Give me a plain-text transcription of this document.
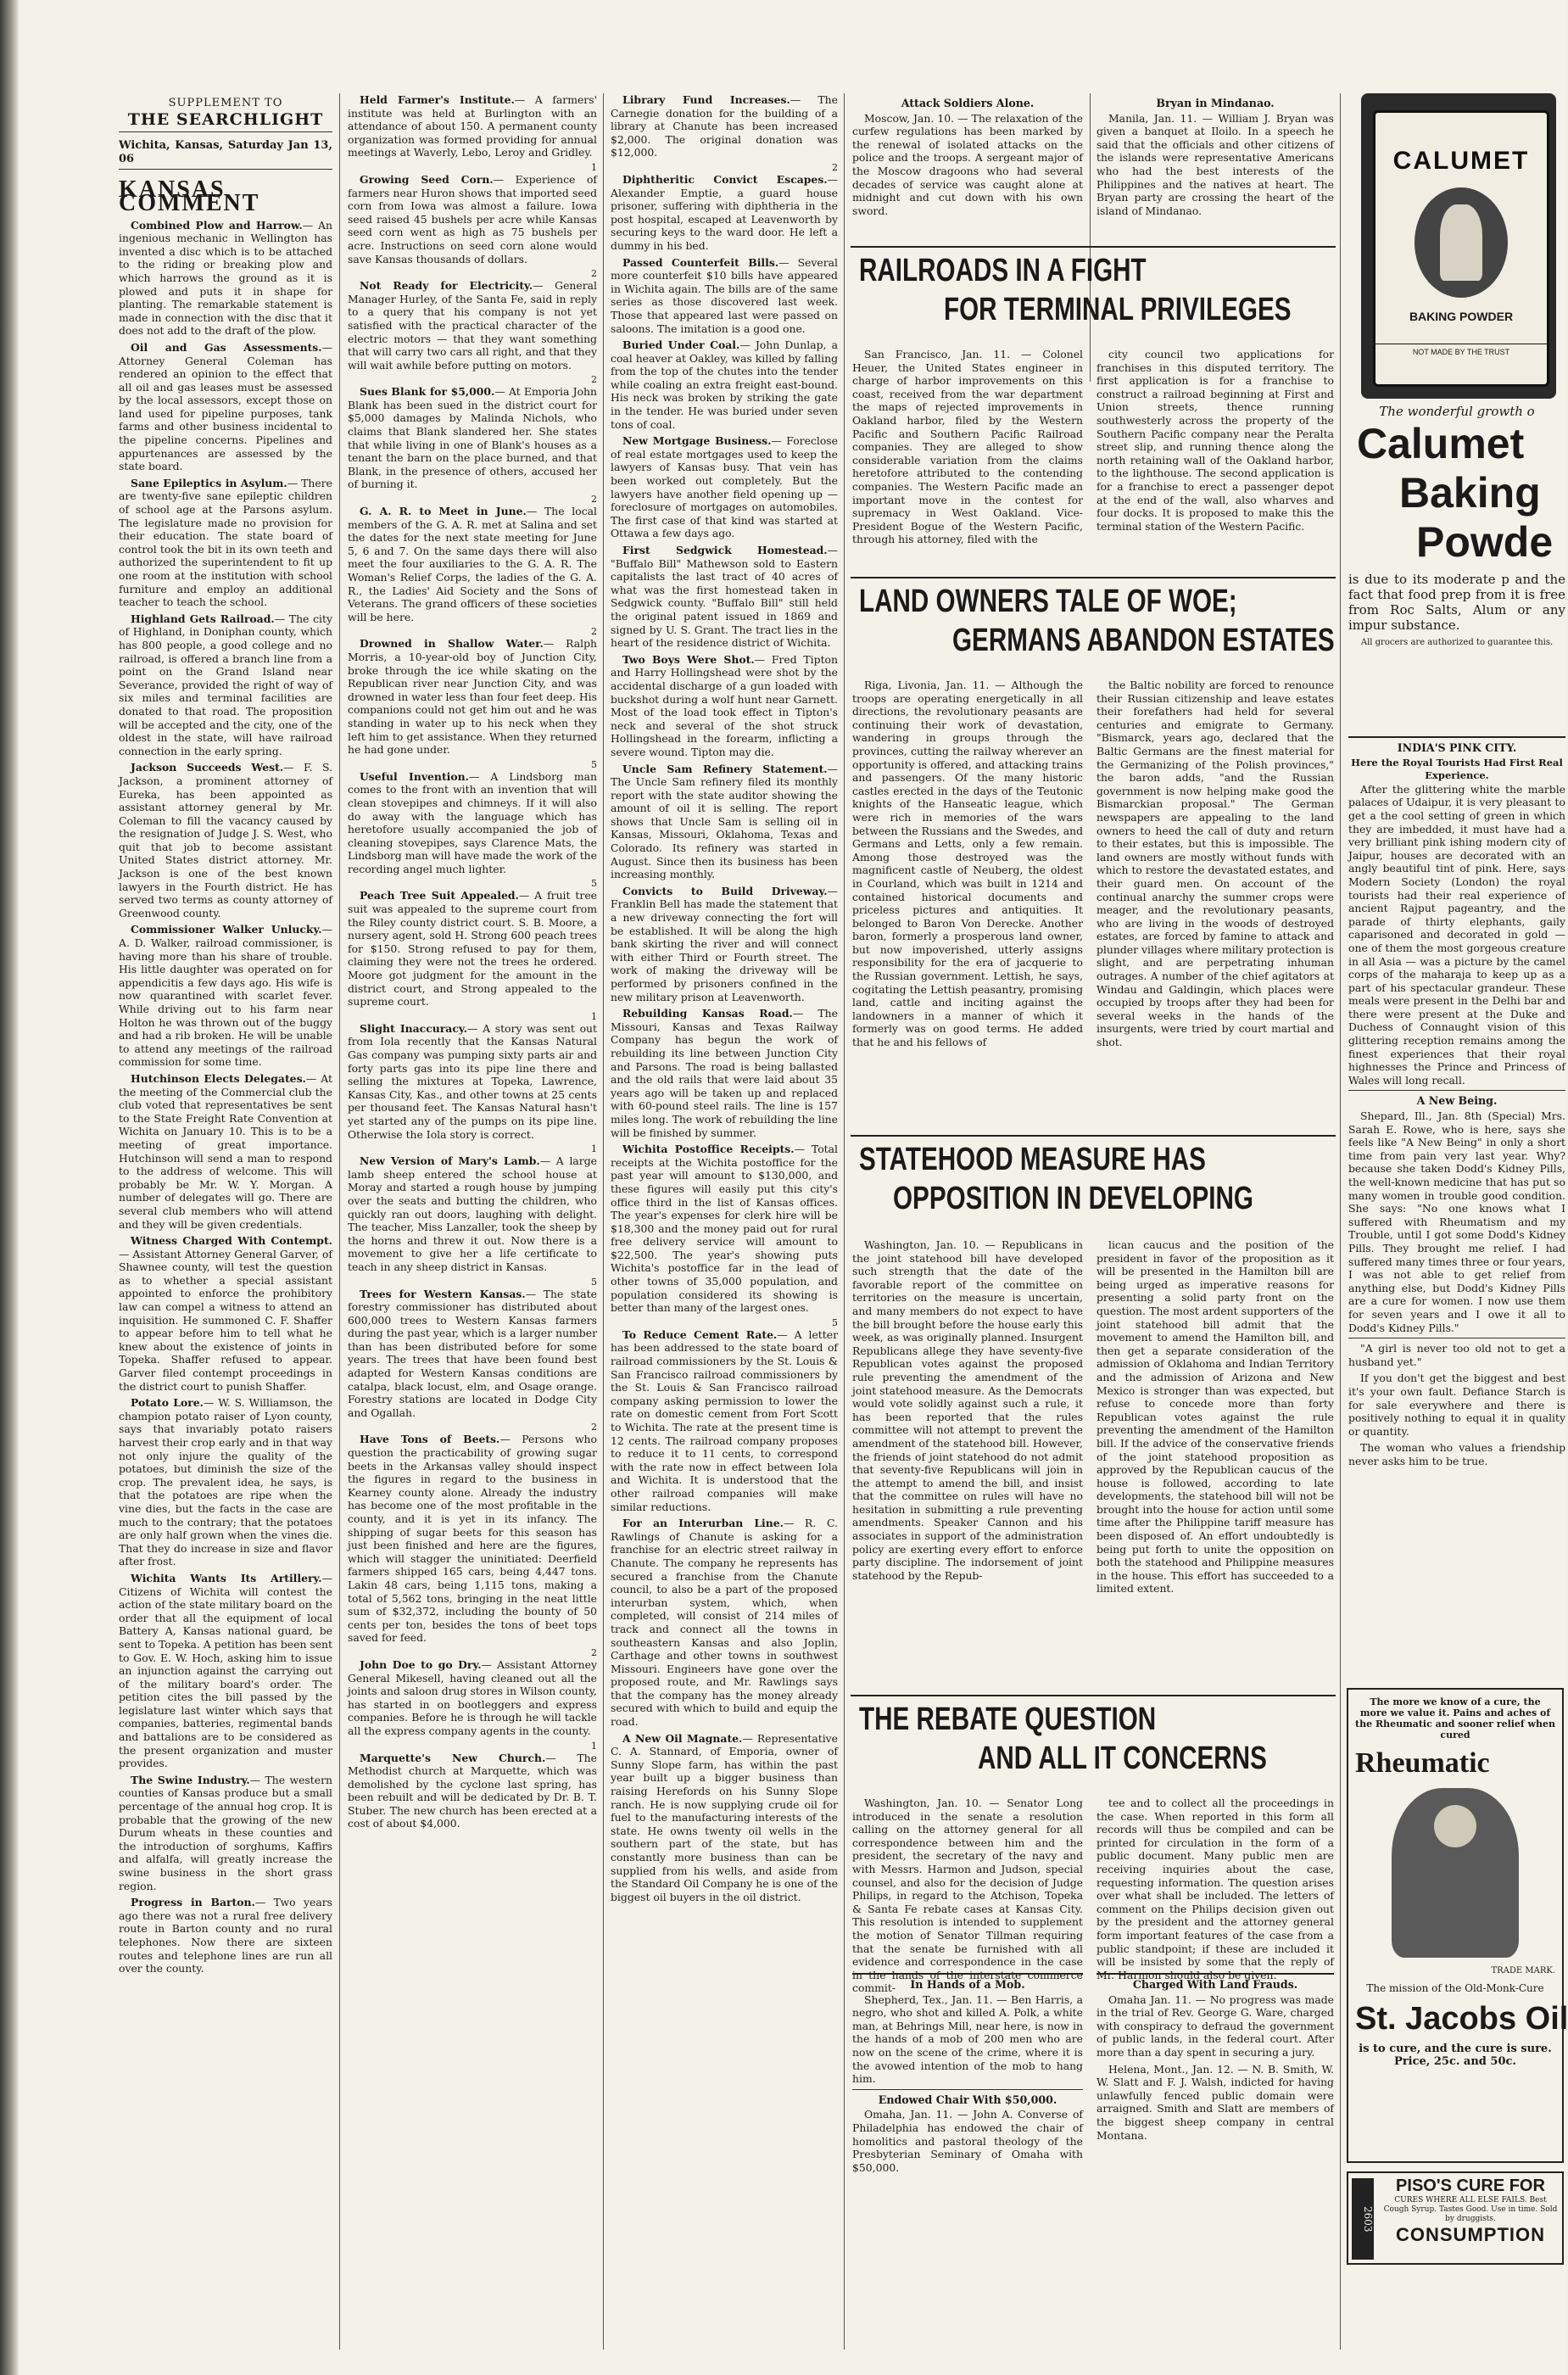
SUPPLEMENT TO
THE SEARCHLIGHT
Wichita, Kansas, Saturday Jan 13, 06
KANSAS COMMENT

Combined Plow and Harrow.— An ingenious mechanic in Wellington has invented a disc which is to be attached to the riding or breaking plow and which harrows the ground as it is plowed and puts it in shape for planting. The remarkable statement is made in connection with the disc that it does not add to the draft of the plow.

Oil and Gas Assessments.— Attorney General Coleman has rendered an opinion to the effect that all oil and gas leases must be assessed by the local assessors, except those on land used for pipeline purposes, tank farms and other business incidental to the pipeline concerns. Pipelines and appurtenances are assessed by the state board.

Sane Epileptics in Asylum.— There are twenty-five sane epileptic children of school age at the Parsons asylum. The legislature made no provision for their education. The state board of control took the bit in its own teeth and authorized the superintendent to fit up one room at the institution with school furniture and employ an additional teacher to teach the school.

Highland Gets Railroad.— The city of Highland, in Doniphan county, which has 800 people, a good college and no railroad, is offered a branch line from a point on the Grand Island near Severance, provided the right of way of six miles and terminal facilities are donated to that road. The proposition will be accepted and the city, one of the oldest in the state, will have railroad connection in the early spring.

Jackson Succeeds West.— F. S. Jackson, a prominent attorney of Eureka, has been appointed as assistant attorney general by Mr. Coleman to fill the vacancy caused by the resignation of Judge J. S. West, who quit that job to become assistant United States district attorney. Mr. Jackson is one of the best known lawyers in the Fourth district. He has served two terms as county attorney of Greenwood county.

Commissioner Walker Unlucky.— A. D. Walker, railroad commissioner, is having more than his share of trouble. His little daughter was operated on for appendicitis a few days ago. His wife is now quarantined with scarlet fever. While driving out to his farm near Holton he was thrown out of the buggy and had a rib broken. He will be unable to attend any meetings of the railroad commission for some time.

Hutchinson Elects Delegates.— At the meeting of the Commercial club the club voted that representatives be sent to the State Freight Rate Convention at Wichita on January 10. This is to be a meeting of great importance. Hutchinson will send a man to respond to the address of welcome. This will probably be Mr. W. Y. Morgan. A number of delegates will go. There are several club members who will attend and they will be given credentials.

Witness Charged With Contempt.— Assistant Attorney General Garver, of Shawnee county, will test the question as to whether a special assistant appointed to enforce the prohibitory law can compel a witness to attend an inquisition. He summoned C. F. Shaffer to appear before him to tell what he knew about the existence of joints in Topeka. Shaffer refused to appear. Garver filed contempt proceedings in the district court to punish Shaffer.

Potato Lore.— W. S. Williamson, the champion potato raiser of Lyon county, says that invariably potato raisers harvest their crop early and in that way not only injure the quality of the potatoes, but diminish the size of the crop. The prevalent idea, he says, is that the potatoes are ripe when the vine dies, but the facts in the case are much to the contrary; that the potatoes are only half grown when the vines die. That they do increase in size and flavor after frost.

Wichita Wants Its Artillery.— Citizens of Wichita will contest the action of the state military board on the order that all the equipment of local Battery A, Kansas national guard, be sent to Topeka. A petition has been sent to Gov. E. W. Hoch, asking him to issue an injunction against the carrying out of the military board's order. The petition cites the bill passed by the legislature last winter which says that companies, batteries, regimental bands and battalions are to be considered as the present organization and muster provides.

The Swine Industry.— The western counties of Kansas produce but a small percentage of the annual hog crop. It is probable that the growing of the new Durum wheats in these counties and the introduction of sorghums, Kaffirs and alfalfa, will greatly increase the swine business in the short grass region.

Progress in Barton.— Two years ago there was not a rural free delivery route in Barton county and no rural telephones. Now there are sixteen routes and telephone lines are run all over the county.

Held Farmer's Institute.— A farmers' institute was held at Burlington with an attendance of about 150. A permanent county organization was formed providing for annual meetings at Waverly, Lebo, Leroy and Gridley.

1

Growing Seed Corn.— Experience of farmers near Huron shows that imported seed corn from Iowa was almost a failure. Iowa seed raised 45 bushels per acre while Kansas seed corn went as high as 75 bushels per acre. Instructions on seed corn alone would save Kansas thousands of dollars.

2

Not Ready for Electricity.— General Manager Hurley, of the Santa Fe, said in reply to a query that his company is not yet satisfied with the practical character of the electric motors — that they want something that will carry two cars all right, and that they will wait awhile before putting on motors.

2

Sues Blank for $5,000.— At Emporia John Blank has been sued in the district court for $5,000 damages by Malinda Nichols, who claims that Blank slandered her. She states that while living in one of Blank's houses as a tenant the barn on the place burned, and that Blank, in the presence of others, accused her of burning it.

2

G. A. R. to Meet in June.— The local members of the G. A. R. met at Salina and set the dates for the next state meeting for June 5, 6 and 7. On the same days there will also meet the four auxiliaries to the G. A. R. The Woman's Relief Corps, the ladies of the G. A. R., the Ladies' Aid Society and the Sons of Veterans. The grand officers of these societies will be here.

2

Drowned in Shallow Water.— Ralph Morris, a 10-year-old boy of Junction City, broke through the ice while skating on the Republican river near Junction City, and was drowned in water less than four feet deep. His companions could not get him out and he was standing in water up to his neck when they left him to get assistance. When they returned he had gone under.

5

Useful Invention.— A Lindsborg man comes to the front with an invention that will clean stovepipes and chimneys. If it will also do away with the language which has heretofore usually accompanied the job of cleaning stovepipes, says Clarence Mats, the Lindsborg man will have made the work of the recording angel much lighter.

5

Peach Tree Suit Appealed.— A fruit tree suit was appealed to the supreme court from the Riley county district court. S. B. Moore, a nursery agent, sold H. Strong 600 peach trees for $150. Strong refused to pay for them, claiming they were not the trees he ordered. Moore got judgment for the amount in the district court, and Strong appealed to the supreme court.

1

Slight Inaccuracy.— A story was sent out from Iola recently that the Kansas Natural Gas company was pumping sixty parts air and forty parts gas into its pipe line there and selling the mixtures at Topeka, Lawrence, Kansas City, Kas., and other towns at 25 cents per thousand feet. The Kansas Natural hasn't yet started any of the pumps on its pipe line. Otherwise the Iola story is correct.

1

New Version of Mary's Lamb.— A large lamb sheep entered the school house at Moray and started a rough house by jumping over the seats and butting the children, who quickly ran out doors, laughing with delight. The teacher, Miss Lanzaller, took the sheep by the horns and threw it out. Now there is a movement to give her a life certificate to teach in any sheep district in Kansas.

5

Trees for Western Kansas.— The state forestry commissioner has distributed about 600,000 trees to Western Kansas farmers during the past year, which is a larger number than has been distributed before for some years. The trees that have been found best adapted for Western Kansas conditions are catalpa, black locust, elm, and Osage orange. Forestry stations are located in Dodge City and Ogallah.

2

Have Tons of Beets.— Persons who question the practicability of growing sugar beets in the Arkansas valley should inspect the figures in regard to the business in Kearney county alone. Already the industry has become one of the most profitable in the county, and it is yet in its infancy. The shipping of sugar beets for this season has just been finished and here are the figures, which will stagger the uninitiated: Deerfield farmers shipped 165 cars, being 4,447 tons. Lakin 48 cars, being 1,115 tons, making a total of 5,562 tons, bringing in the neat little sum of $32,372, including the bounty of 50 cents per ton, besides the tons of beet tops saved for feed.

2

John Doe to go Dry.— Assistant Attorney General Mikesell, having cleaned out all the joints and saloon drug stores in Wilson county, has started in on bootleggers and express companies. Before he is through he will tackle all the express company agents in the county.

1

Marquette's New Church.— The Methodist church at Marquette, which was demolished by the cyclone last spring, has been rebuilt and will be dedicated by Dr. B. T. Stuber. The new church has been erected at a cost of about $4,000.

Library Fund Increases.— The Carnegie donation for the building of a library at Chanute has been increased $2,000. The original donation was $12,000.

2

Diphtheritic Convict Escapes.— Alexander Emptie, a guard house prisoner, suffering with diphtheria in the post hospital, escaped at Leavenworth by securing keys to the ward door. He left a dummy in his bed.

Passed Counterfeit Bills.— Several more counterfeit $10 bills have appeared in Wichita again. The bills are of the same series as those discovered last week. Those that appeared last were passed on saloons. The imitation is a good one.

Buried Under Coal.— John Dunlap, a coal heaver at Oakley, was killed by falling from the top of the chutes into the tender while coaling an extra freight east-bound. His neck was broken by striking the gate in the tender. He was buried under seven tons of coal.

New Mortgage Business.— Foreclose of real estate mortgages used to keep the lawyers of Kansas busy. That vein has been worked out completely. But the lawyers have another field opening up — foreclosure of mortgages on automobiles. The first case of that kind was started at Ottawa a few days ago.

First Sedgwick Homestead.— "Buffalo Bill" Mathewson sold to Eastern capitalists the last tract of 40 acres of what was the first homestead taken in Sedgwick county. "Buffalo Bill" still held the original patent issued in 1869 and signed by U. S. Grant. The tract lies in the heart of the residence district of Wichita.

Two Boys Were Shot.— Fred Tipton and Harry Hollingshead were shot by the accidental discharge of a gun loaded with buckshot during a wolf hunt near Garnett. Most of the load took effect in Tipton's neck and several of the shot struck Hollingshead in the forearm, inflicting a severe wound. Tipton may die.

Uncle Sam Refinery Statement.— The Uncle Sam refinery filed its monthly report with the state auditor showing the amount of oil it is selling. The report shows that Uncle Sam is selling oil in Kansas, Missouri, Oklahoma, Texas and Colorado. Its refinery was started in August. Since then its business has been increasing monthly.

Convicts to Build Driveway.— Franklin Bell has made the statement that a new driveway connecting the fort will be established. It will be along the high bank skirting the river and will connect with either Third or Fourth street. The work of making the driveway will be performed by prisoners confined in the new military prison at Leavenworth.

Rebuilding Kansas Road.— The Missouri, Kansas and Texas Railway Company has begun the work of rebuilding its line between Junction City and Parsons. The road is being ballasted and the old rails that were laid about 35 years ago will be taken up and replaced with 60-pound steel rails. The line is 157 miles long. The work of rebuilding the line will be finished by summer.

Wichita Postoffice Receipts.— Total receipts at the Wichita postoffice for the past year will amount to $130,000, and these figures will easily put this city's office third in the list of Kansas offices. The year's expenses for clerk hire will be $18,300 and the money paid out for rural free delivery service will amount to $22,500. The year's showing puts Wichita's postoffice far in the lead of other towns of 35,000 population, and population considered its showing is better than many of the largest ones.

5

To Reduce Cement Rate.— A letter has been addressed to the state board of railroad commissioners by the St. Louis & San Francisco railroad commissioners by the St. Louis & San Francisco railroad company asking permission to lower the rate on domestic cement from Fort Scott to Wichita. The rate at the present time is 12 cents. The railroad company proposes to reduce it to 11 cents, to correspond with the rate now in effect between Iola and Wichita. It is understood that the other railroad companies will make similar reductions.

For an Interurban Line.— R. C. Rawlings of Chanute is asking for a franchise for an electric street railway in Chanute. The company he represents has secured a franchise from the Chanute council, to also be a part of the proposed interurban system, which, when completed, will consist of 214 miles of track and connect all the towns in southeastern Kansas and also Joplin, Carthage and other towns in southwest Missouri. Engineers have gone over the proposed route, and Mr. Rawlings says that the company has the money already secured with which to build and equip the road.

A New Oil Magnate.— Representative C. A. Stannard, of Emporia, owner of Sunny Slope farm, has within the past year built up a bigger business than raising Herefords on his Sunny Slope ranch. He is now supplying crude oil for fuel to the manufacturing interests of the state. He owns twenty oil wells in the southern part of the state, but has constantly more business than can be supplied from his wells, and aside from the Standard Oil Company he is one of the biggest oil buyers in the oil district.

Attack Soldiers Alone.

Moscow, Jan. 10. — The relaxation of the curfew regulations has been marked by the renewal of isolated attacks on the police and the troops. A sergeant major of the Moscow dragoons who had several decades of service was caught alone at midnight and cut down with his own sword.

Bryan in Mindanao.

Manila, Jan. 11. — William J. Bryan was given a banquet at Iloilo. In a speech he said that the officials and other citizens of the islands were representative Americans who had the best interests of the Philippines and the natives at heart. The Bryan party are crossing the heart of the island of Mindanao.

RAILROADS IN A FIGHT
FOR TERMINAL PRIVILEGES

San Francisco, Jan. 11. — Colonel Heuer, the United States engineer in charge of harbor improvements on this coast, received from the war department the maps of rejected improvements in Oakland harbor, filed by the Western Pacific and Southern Pacific Railroad companies. They are alleged to show considerable variation from the claims heretofore attributed to the contending companies. The Western Pacific made an important move in the contest for supremacy in West Oakland. Vice-President Bogue of the Western Pacific, through his attorney, filed with the

city council two applications for franchises in this disputed territory. The first application is for a franchise to construct a railroad beginning at First and Union streets, thence running southwesterly across the property of the Southern Pacific company near the Peralta street slip, and running thence along the north retaining wall of the Oakland harbor, to the lighthouse. The second application is for a franchise to erect a passenger depot at the end of the wall, also wharves and four docks. It is proposed to make this the terminal station of the Western Pacific.

LAND OWNERS TALE OF WOE;
GERMANS ABANDON ESTATES

Riga, Livonia, Jan. 11. — Although the troops are operating energetically in all directions, the revolutionary peasants are continuing their work of devastation, wandering in groups through the provinces, cutting the railway wherever an opportunity is offered, and attacking trains and passengers. Of the many historic castles erected in the days of the Teutonic knights of the Hanseatic league, which were rich in memories of the wars between the Russians and the Swedes, and Germans and Letts, only a few remain. Among those destroyed was the magnificent castle of Neuberg, the oldest in Courland, which was built in 1214 and contained historical documents and priceless pictures and antiquities. It belonged to Baron Von Derecke. Another baron, formerly a prosperous land owner, but now impoverished, utterly assigns responsibility for the era of jacquerie to the Russian government. Lettish, he says, cogitating the Lettish peasantry, promising land, cattle and inciting against the landowners in a manner of which it formerly was on good terms. He added that he and his fellows of

the Baltic nobility are forced to renounce their Russian citizenship and leave estates their forefathers had held for several centuries and emigrate to Germany. "Bismarck, years ago, declared that the Baltic Germans are the finest material for the Germanizing of the Polish provinces," the baron adds, "and the Russian government is now helping make good the Bismarckian proposal." The German newspapers are appealing to the land owners to heed the call of duty and return to their estates, but this is impossible. The land owners are mostly without funds with which to restore the devastated estates, and their guard men. On account of the continual anarchy the summer crops were meager, and the revolutionary peasants, who are living in the woods of destroyed estates, are forced by famine to attack and plunder villages where military protection is slight, and are perpetrating inhuman outrages. A number of the chief agitators at Windau and Galdingin, which places were occupied by troops after they had been for several weeks in the hands of the insurgents, were tried by court martial and shot.

STATEHOOD MEASURE HAS
OPPOSITION IN DEVELOPING

Washington, Jan. 10. — Republicans in the joint statehood bill have developed such strength that the date of the favorable report of the committee on territories on the measure is uncertain, and many members do not expect to have the bill brought before the house early this week, as was originally planned. Insurgent Republicans allege they have seventy-five Republican votes against the proposed rule preventing the amendment of the joint statehood measure. As the Democrats would vote solidly against such a rule, it has been reported that the rules committee will not attempt to prevent the amendment of the statehood bill. However, the friends of joint statehood do not admit that seventy-five Republicans will join in the attempt to amend the bill, and insist that the committee on rules will have no hesitation in submitting a rule preventing amendments. Speaker Cannon and his associates in support of the administration policy are exerting every effort to enforce party discipline. The indorsement of joint statehood by the Repub-

lican caucus and the position of the president in favor of the proposition as it will be presented in the Hamilton bill are being urged as imperative reasons for presenting a solid party front on the question. The most ardent supporters of the joint statehood bill admit that the movement to amend the Hamilton bill, and then get a separate consideration of the admission of Oklahoma and Indian Territory and the admission of Arizona and New Mexico is stronger than was expected, but refuse to concede more than forty Republican votes against the rule preventing the amendment of the Hamilton bill. If the advice of the conservative friends of the joint statehood proposition as approved by the Republican caucus of the house is followed, according to late developments, the statehood bill will not be brought into the house for action until some time after the Philippine tariff measure has been disposed of. An effort undoubtedly is being put forth to unite the opposition on both the statehood and Philippine measures in the house. This effort has succeeded to a limited extent.

THE REBATE QUESTION
AND ALL IT CONCERNS

Washington, Jan. 10. — Senator Long introduced in the senate a resolution calling on the attorney general for all correspondence between him and the president, the secretary of the navy and with Messrs. Harmon and Judson, special counsel, and also for the decision of Judge Philips, in regard to the Atchison, Topeka & Santa Fe rebate cases at Kansas City. This resolution is intended to supplement the motion of Senator Tillman requiring that the senate be furnished with all evidence and correspondence in the case in the hands of the interstate commerce commit-

tee and to collect all the proceedings in the case. When reported in this form all records will thus be compiled and can be printed for circulation in the form of a public document. Many public men are receiving inquiries about the case, requesting information. The question arises over what shall be included. The letters of comment on the Philips decision given out by the president and the attorney general form important features of the case from a public standpoint; if these are included it will be insisted by some that the reply of Mr. Harmon should also be given.

In Hands of a Mob.

Shepherd, Tex., Jan. 11. — Ben Harris, a negro, who shot and killed A. Polk, a white man, at Behrings Mill, near here, is now in the hands of a mob of 200 men who are now on the scene of the crime, where it is the avowed intention of the mob to hang him.

Endowed Chair With $50,000.

Omaha, Jan. 11. — John A. Converse of Philadelphia has endowed the chair of homolitics and pastoral theology of the Presbyterian Seminary of Omaha with $50,000.

Charged With Land Frauds.

Omaha Jan. 11. — No progress was made in the trial of Rev. George G. Ware, charged with conspiracy to defraud the government of public lands, in the federal court. After more than a day spent in securing a jury.

Helena, Mont., Jan. 12. — N. B. Smith, W. W. Slatt and F. J. Walsh, indicted for having unlawfully fenced public domain were arraigned. Smith and Slatt are members of the biggest sheep company in central Montana.

CALUMET
BAKING POWDER
NOT MADE BY THE TRUST
The wonderful growth o
Calumet
Baking
Powde

is due to its moderate p and the fact that food prep from it is free from Roc Salts, Alum or any impur substance.

All grocers are authorized to guarantee this.
INDIA'S PINK CITY.
Here the Royal Tourists Had First Real Experience.

After the glittering white the marble palaces of Udaipur, it is very pleasant to get a the cool setting of green in which they are imbedded, it must have had a very brilliant pink ishing modern city of Jaipur, houses are decorated with an angly beautiful tint of pink. Here, says Modern Society (London) the royal tourists had their real experience of ancient Rajput pageantry, and the parade of thirty elephants, gaily caparisoned and decorated in gold — one of them the most gorgeous creature in all Asia — was a picture by the camel corps of the maharaja to keep up as a part of his spectacular grandeur. These meals were present in the Delhi bar and there were present at the Duke and Duchess of Connaught vision of this glittering reception remains among the finest experiences that their royal highnesses the Prince and Princess of Wales will long recall.

A New Being.

Shepard, Ill., Jan. 8th (Special) Mrs. Sarah E. Rowe, who is here, says she feels like "A New Being" in only a short time from pain very last year. Why? because she taken Dodd's Kidney Pills, the well-known medicine that has put so many women in trouble good condition. She says: "No one knows what I suffered with Rheumatism and my Trouble, until I got some Dodd's Kidney Pills. They brought me relief. I had suffered many times three or four years, I was not able to get relief from anything else, but Dodd's Kidney Pills are a cure for women. I now use them for seven years and I owe it all to Dodd's Kidney Pills."

"A girl is never too old not to get a husband yet."

If you don't get the biggest and best it's your own fault. Defiance Starch is for sale everywhere and there is positively nothing to equal it in quality or quantity.

The woman who values a friendship never asks him to be true.

The more we know of a cure, the more we value it. Pains and aches of the Rheumatic and sooner relief when cured
Rheumatic
TRADE MARK.
The mission of the Old-Monk-Cure
St. Jacobs Oil
is to cure, and the cure is sure. Price, 25c. and 50c.
2603
PISO'S CURE FOR
CURES WHERE ALL ELSE FAILS. Best Cough Syrup. Tastes Good. Use in time. Sold by druggists.
CONSUMPTION
